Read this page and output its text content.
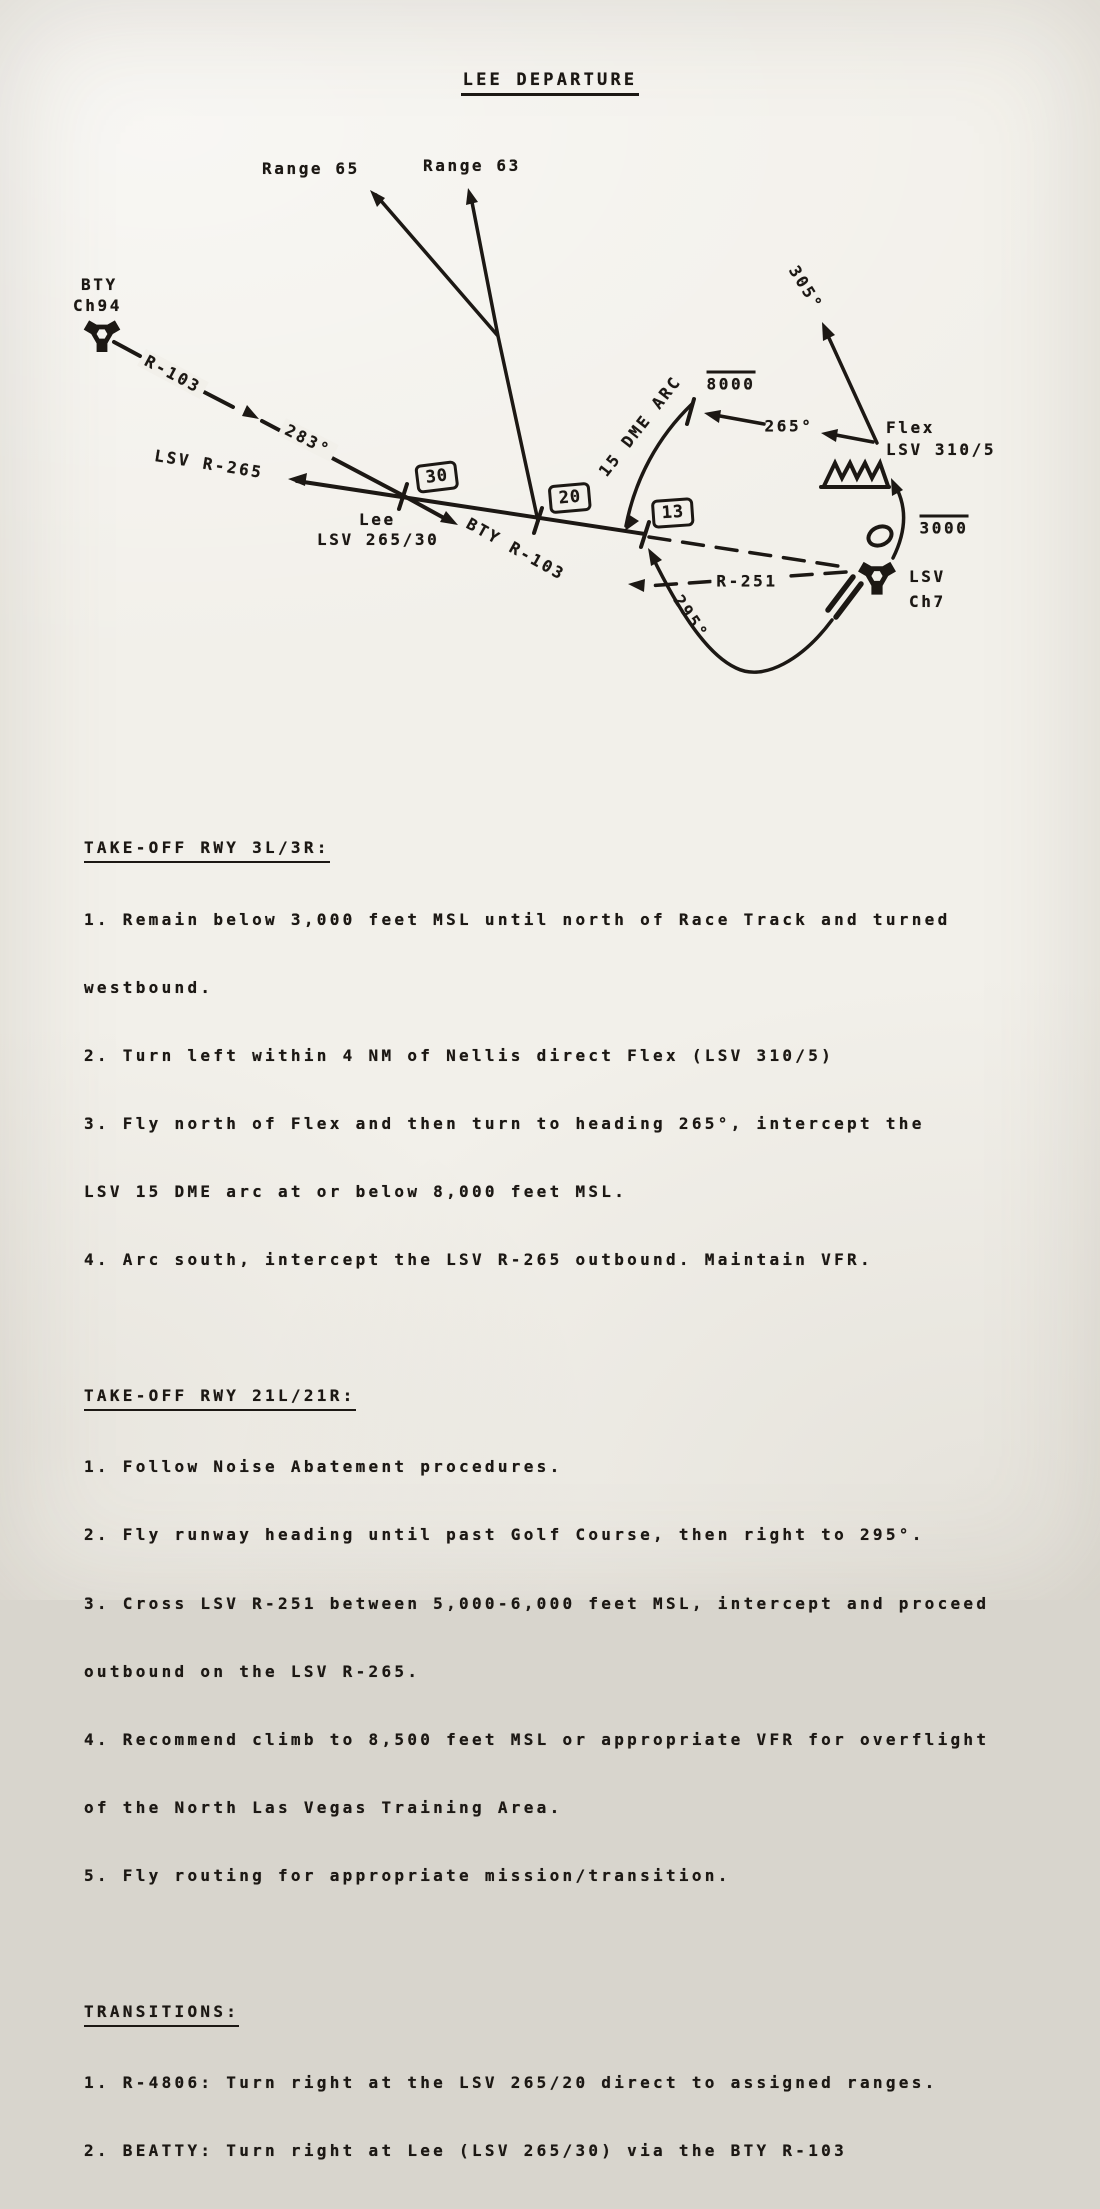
LEE DEPARTURE
Range 65	Range 63
BTY
Ch94
R-103
283°
LSV R-265
BTY R-103
15 DME ARC
30
20
13
Lee
LSV 265/30
8000
265°
305°
Flex
LSV 310/5
3000
LSV
Ch7
R-251
295°

TAKE-OFF RWY 3L/3R:

1. Remain below 3,000 feet MSL until north of Race Track and turned

westbound.

2. Turn left within 4 NM of Nellis direct Flex (LSV 310/5)

3. Fly north of Flex and then turn to heading 265°, intercept the

LSV 15 DME arc at or below 8,000 feet MSL.

4. Arc south, intercept the LSV R-265 outbound. Maintain VFR.

TAKE-OFF RWY 21L/21R:

1. Follow Noise Abatement procedures.

2. Fly runway heading until past Golf Course, then right to 295°.

3. Cross LSV R-251 between 5,000-6,000 feet MSL, intercept and proceed

outbound on the LSV R-265.

4. Recommend climb to 8,500 feet MSL or appropriate VFR for overflight

of the North Las Vegas Training Area.

5. Fly routing for appropriate mission/transition.

TRANSITIONS:

1. R-4806: Turn right at the LSV 265/20 direct to assigned ranges.

2. BEATTY: Turn right at Lee (LSV 265/30) via the BTY R-103
